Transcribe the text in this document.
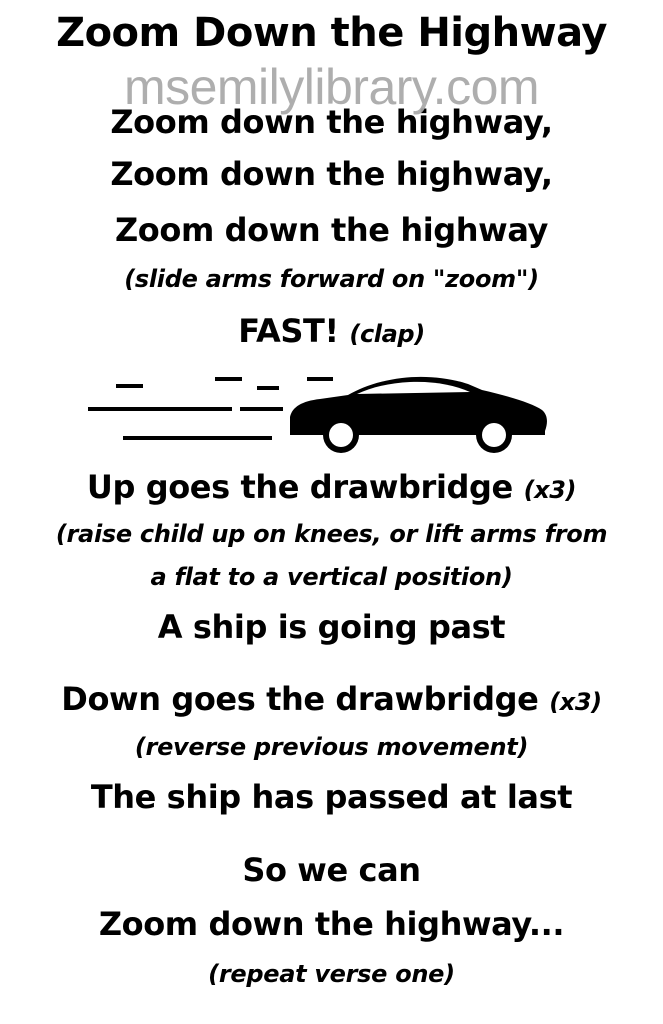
Zoom Down the Highway
msemilylibrary.com
Zoom down the highway,
Zoom down the highway,
Zoom down the highway
(slide arms forward on "zoom")
FAST! (clap)
Up goes the drawbridge (x3)
(raise child up on knees, or lift arms from
a flat to a vertical position)
A ship is going past
Down goes the drawbridge (x3)
(reverse previous movement)
The ship has passed at last
So we can
Zoom down the highway...
(repeat verse one)
